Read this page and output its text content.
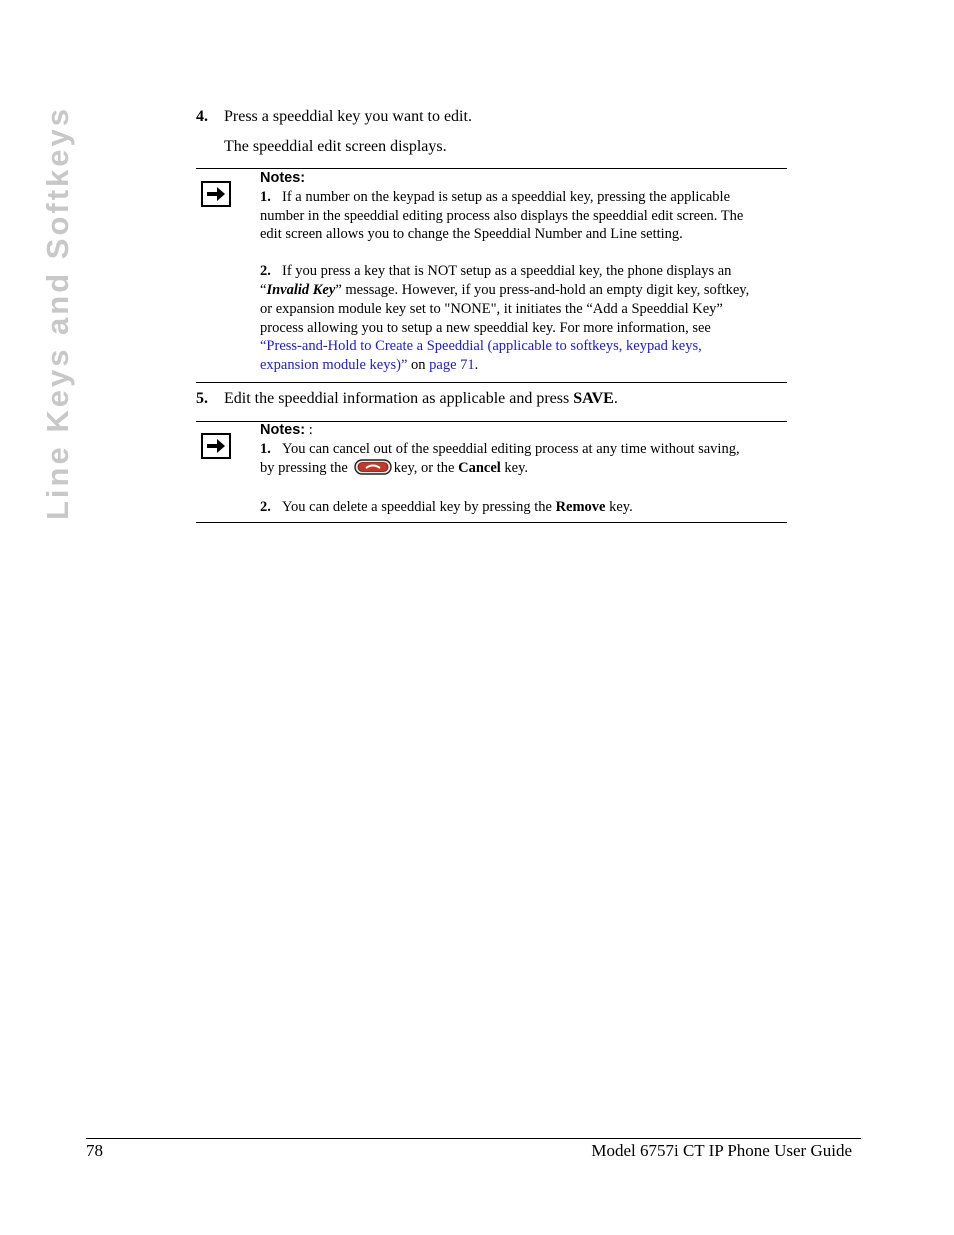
Line Keys and Softkeys	4. Press a speeddial key you want to edit.
The speeddial edit screen displays.
Notes:

1. If a number on the keypad is setup as a speeddial key, pressing the applicable
number in the speeddial editing process also displays the speeddial edit screen. The
edit screen allows you to change the Speeddial Number and Line setting.

2. If you press a key that is NOT setup as a speeddial key, the phone displays an
“Invalid Key” message. However, if you press-and-hold an empty digit key, softkey,
or expansion module key set to "NONE", it initiates the “Add a Speeddial Key”
process allowing you to setup a new speeddial key. For more information, see
“Press-and-Hold to Create a Speeddial (applicable to softkeys, keypad keys,
expansion module keys)” on page 71.

5. Edit the speeddial information as applicable and press SAVE.
Notes: :

1. You can cancel out of the speeddial editing process at any time without saving,
by pressing the	key, or the Cancel key.

2. You can delete a speeddial key by pressing the Remove key.

78	Model 6757i CT IP Phone User Guide
